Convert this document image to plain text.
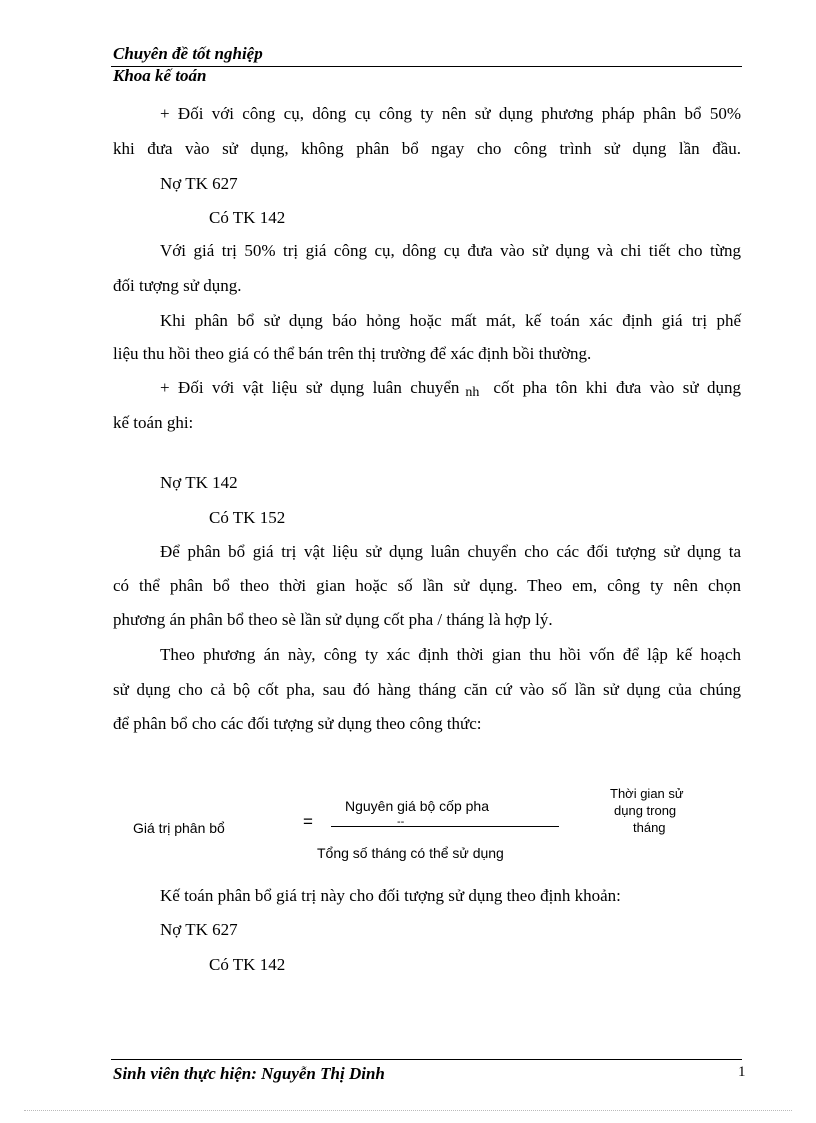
Chuyên đề tốt nghiệp
Khoa kế toán
+ Đối với công cụ, dông cụ công ty nên sử dụng phương pháp phân bổ 50%
khi đưa vào sử dụng, không phân bổ ngay cho công trình sử dụng lần đầu.
Nợ TK 627
Có TK 142
Với giá trị 50% trị giá công cụ, dông cụ đưa vào sử dụng và chi tiết cho từng
đối tượng sử dụng.
Khi phân bổ sử dụng báo hỏng hoặc mất mát, kế toán xác định giá trị phế
liệu thu hồi theo giá có thể bán trên thị trường để xác định bồi thường.
+ Đối với vật liệu sử dụng luân chuyển $_{nh}$ cốt pha tôn khi đưa vào sử dụng
kế toán ghi:
Nợ TK 142
Có TK 152
Để phân bổ giá trị vật liệu sử dụng luân chuyển cho các đối tượng sử dụng ta
có thể phân bổ theo thời gian hoặc số lần sử dụng. Theo em, công ty nên chọn
phương án phân bổ theo sè lần sử dụng cốt pha / tháng là hợp lý.
Theo phương án này, công ty xác định thời gian thu hồi vốn để lập kế hoạch
sử dụng cho cả bộ cốt pha, sau đó hàng tháng căn cứ vào số lần sử dụng của chúng
để phân bổ cho các đối tượng sử dụng theo công thức:
Giá trị phân bổ	=
Nguyên giá bộ cốp pha
--
Tổng số tháng có thể sử dụng
Thời gian sử
dụng trong
tháng
Kế toán phân bổ giá trị này cho đối tượng sử dụng theo định khoản:
Nợ TK 627
Có TK 142
Sinh viên thực hiện: Nguyễn Thị Dinh	1
